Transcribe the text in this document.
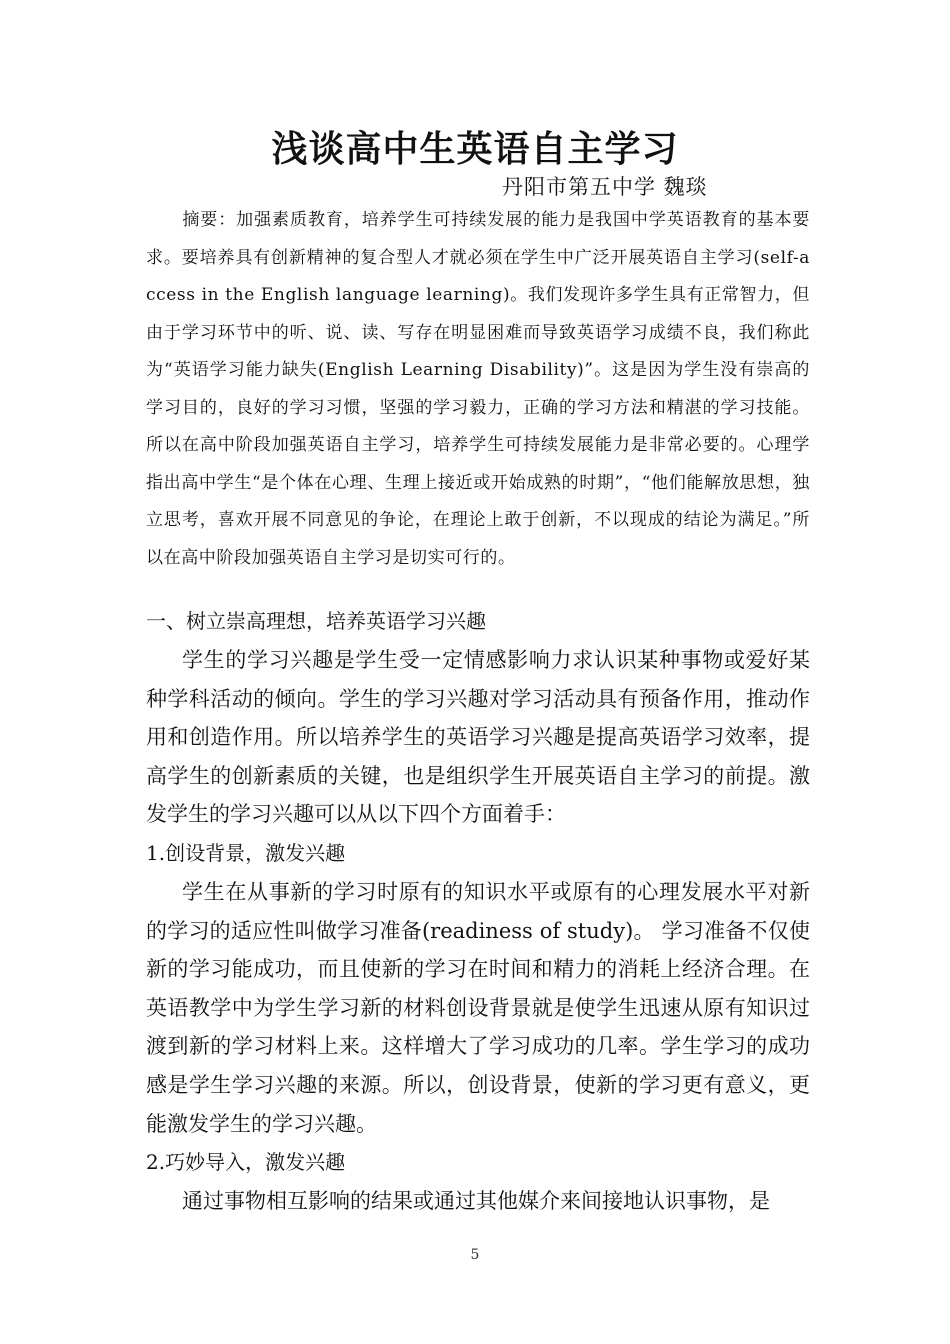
浅谈高中生英语自主学习
丹阳市第五中学 魏琰
摘要：加强素质教育，培养学生可持续发展的能力是我国中学英语教育的基本要求。要培养具有创新精神的复合型人才就必须在学生中广泛开展英语自主学习(self-access in the English language learning)。我们发现许多学生具有正常智力，但由于学习环节中的听、说、读、写存在明显困难而导致英语学习成绩不良，我们称此为“英语学习能力缺失(English Learning Disability)”。这是因为学生没有崇高的学习目的，良好的学习习惯，坚强的学习毅力，正确的学习方法和精湛的学习技能。所以在高中阶段加强英语自主学习，培养学生可持续发展能力是非常必要的。心理学指出高中学生“是个体在心理、生理上接近或开始成熟的时期”，“他们能解放思想，独立思考，喜欢开展不同意见的争论，在理论上敢于创新，不以现成的结论为满足。”所以在高中阶段加强英语自主学习是切实可行的。

一、树立崇高理想，培养英语学习兴趣

学生的学习兴趣是学生受一定情感影响力求认识某种事物或爱好某种学科活动的倾向。学生的学习兴趣对学习活动具有预备作用，推动作用和创造作用。所以培养学生的英语学习兴趣是提高英语学习效率，提高学生的创新素质的关键，也是组织学生开展英语自主学习的前提。激发学生的学习兴趣可以从以下四个方面着手：

1.创设背景，激发兴趣

学生在从事新的学习时原有的知识水平或原有的心理发展水平对新的学习的适应性叫做学习准备(readiness of study)。 学习准备不仅使新的学习能成功，而且使新的学习在时间和精力的消耗上经济合理。在英语教学中为学生学习新的材料创设背景就是使学生迅速从原有知识过渡到新的学习材料上来。这样增大了学习成功的几率。学生学习的成功感是学生学习兴趣的来源。所以，创设背景，使新的学习更有意义，更能激发学生的学习兴趣。

2.巧妙导入，激发兴趣

通过事物相互影响的结果或通过其他媒介来间接地认识事物，是

5
